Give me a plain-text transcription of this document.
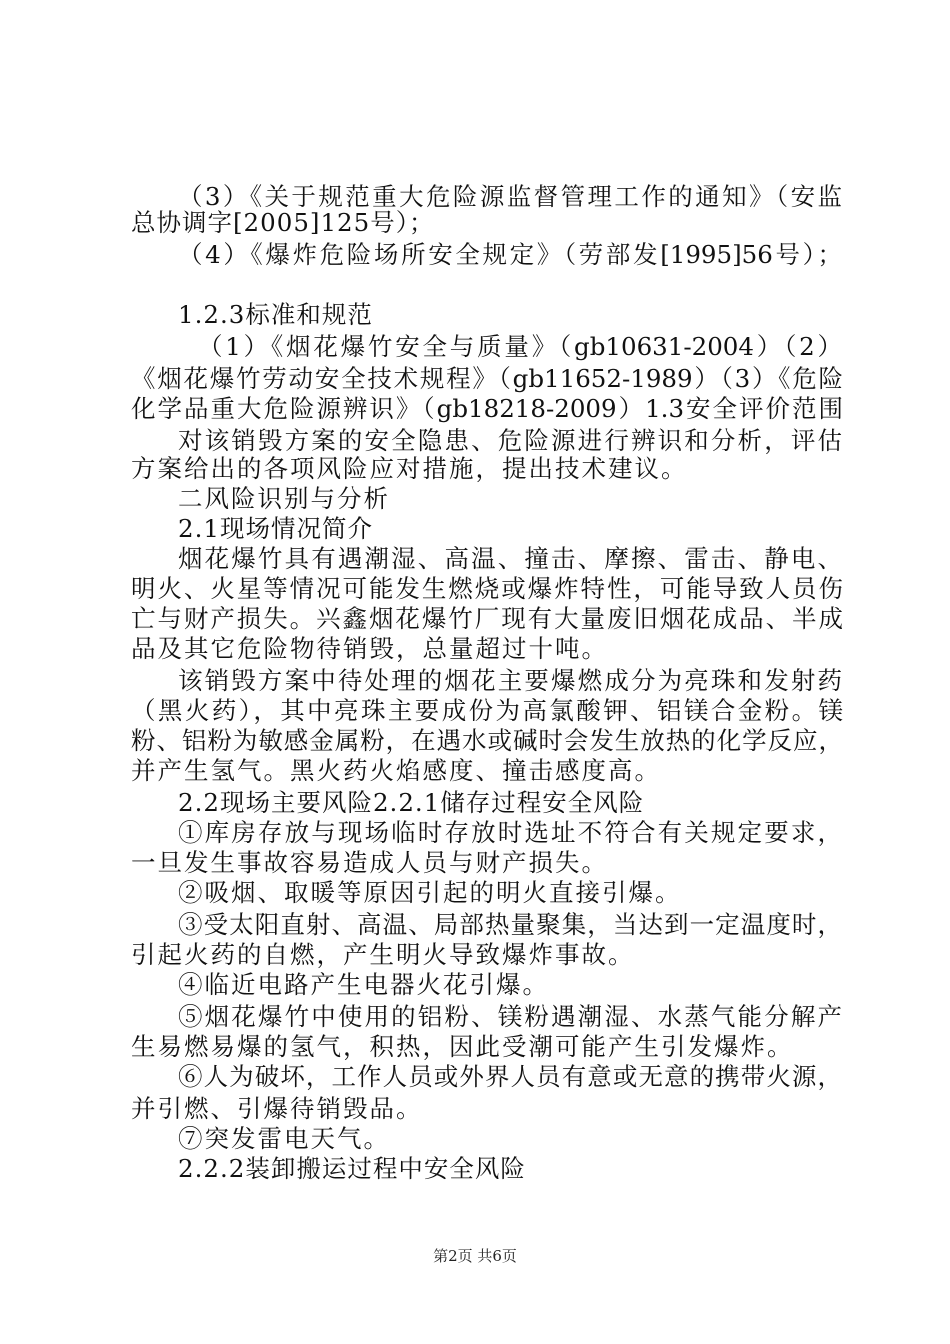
（3）《关于规范重大危险源监督管理工作的通知》（安监
总协调字[2005]125号）；
（4）《爆炸危险场所安全规定》（劳部发[1995]56号）；
1.2.3标准和规范
（1）《烟花爆竹安全与质量》（gb10631-2004）（2）
《烟花爆竹劳动安全技术规程》（gb11652-1989）（3）《危险
化学品重大危险源辨识》（gb18218-2009）1.3安全评价范围
对该销毁方案的安全隐患、危险源进行辨识和分析，评估
方案给出的各项风险应对措施，提出技术建议。
二风险识别与分析
2.1现场情况简介
烟花爆竹具有遇潮湿、高温、撞击、摩擦、雷击、静电、
明火、火星等情况可能发生燃烧或爆炸特性，可能导致人员伤
亡与财产损失。兴鑫烟花爆竹厂现有大量废旧烟花成品、半成
品及其它危险物待销毁，总量超过十吨。
该销毁方案中待处理的烟花主要爆燃成分为亮珠和发射药
（黑火药），其中亮珠主要成份为高氯酸钾、铝镁合金粉。镁
粉、铝粉为敏感金属粉，在遇水或碱时会发生放热的化学反应，
并产生氢气。黑火药火焰感度、撞击感度高。
2.2现场主要风险2.2.1储存过程安全风险
①库房存放与现场临时存放时选址不符合有关规定要求，
一旦发生事故容易造成人员与财产损失。
②吸烟、取暖等原因引起的明火直接引爆。
③受太阳直射、高温、局部热量聚集，当达到一定温度时，
引起火药的自燃，产生明火导致爆炸事故。
④临近电路产生电器火花引爆。
⑤烟花爆竹中使用的铝粉、镁粉遇潮湿、水蒸气能分解产
生易燃易爆的氢气，积热，因此受潮可能产生引发爆炸。
⑥人为破坏，工作人员或外界人员有意或无意的携带火源，
并引燃、引爆待销毁品。
⑦突发雷电天气。
2.2.2装卸搬运过程中安全风险
第2页 共6页
